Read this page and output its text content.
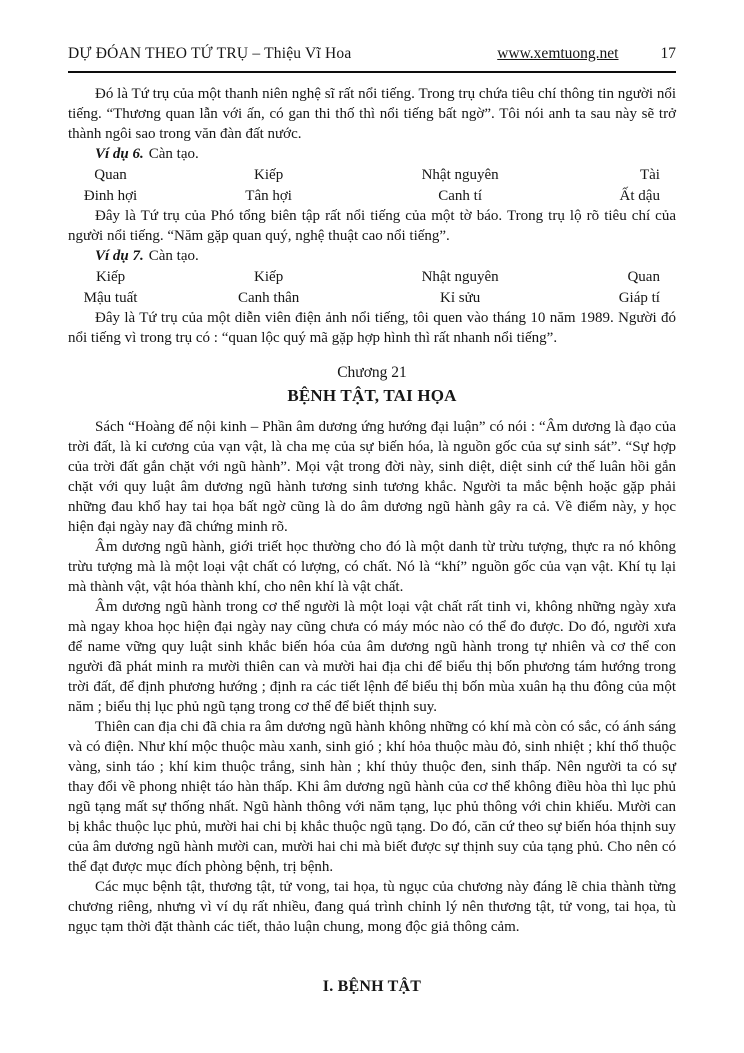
DỰ ĐÓAN THEO TỨ TRỤ – Thiệu Vĩ Hoa	www.xemtuong.net	17

Đó là Tứ trụ của một thanh niên nghệ sĩ rất nổi tiếng. Trong trụ chứa tiêu chí thông tin người nổi tiếng. “Thương quan lẫn với ấn, có gan thi thố thì nổi tiếng bất ngờ”. Tôi nói anh ta sau này sẽ trở thành ngôi sao trong văn đàn đất nước.

Ví dụ 6. Càn tạo.

Quan	Kiếp	Nhật nguyên	Tài
Đinh hợi	Tân hợi	Canh tí	Ất dậu

Đây là Tứ trụ của Phó tổng biên tập rất nổi tiếng của một tờ báo. Trong trụ lộ rõ tiêu chí của người nổi tiếng. “Năm gặp quan quý, nghệ thuật cao nổi tiếng”.

Ví dụ 7. Càn tạo.

Kiếp	Kiếp	Nhật nguyên	Quan
Mậu tuất	Canh thân	Kỉ sửu	Giáp tí

Đây là Tứ trụ của một diễn viên điện ảnh nổi tiếng, tôi quen vào tháng 10 năm 1989. Người đó nổi tiếng vì trong trụ có : “quan lộc quý mã gặp hợp hình thì rất nhanh nổi tiếng”.

Chương 21
BỆNH TẬT, TAI HỌA

Sách “Hoàng đế nội kinh – Phần âm dương ứng hướng đại luận” có nói : “Âm dương là đạo của trời đất, là kỉ cương của vạn vật, là cha mẹ của sự biến hóa, là nguồn gốc của sự sinh sát”. “Sự hợp của trời đất gắn chặt với ngũ hành”. Mọi vật trong đời này, sinh diệt, diệt sinh cứ thế luân hồi gắn chặt với quy luật âm dương ngũ hành tương sinh tương khắc. Người ta mắc bệnh hoặc gặp phải những đau khổ hay tai họa bất ngờ cũng là do âm dương ngũ hành gây ra cả. Về điểm này, y học hiện đại ngày nay đã chứng minh rõ.

Âm dương ngũ hành, giới triết học thường cho đó là một danh từ trừu tượng, thực ra nó không trừu tượng mà là một loại vật chất có lượng, có chất. Nó là “khí” nguồn gốc của vạn vật. Khí tụ lại mà thành vật, vật hóa thành khí, cho nên khí là vật chất.

Âm dương ngũ hành trong cơ thể người là một loại vật chất rất tinh vi, không những ngày xưa mà ngay khoa học hiện đại ngày nay cũng chưa có máy móc nào có thể đo được. Do đó, người xưa để name vững quy luật sinh khắc biến hóa của âm dương ngũ hành trong tự nhiên và cơ thể con người đã phát minh ra mười thiên can và mười hai địa chi để biểu thị bốn phương tám hướng trong trời đất, để định phương hướng ; định ra các tiết lệnh để biểu thị bốn mùa xuân hạ thu đông của một năm ; biểu thị lục phủ ngũ tạng trong cơ thể để biết thịnh suy.

Thiên can địa chi đã chia ra âm dương ngũ hành không những có khí mà còn có sắc, có ánh sáng và có điện. Như khí mộc thuộc màu xanh, sinh gió ; khí hỏa thuộc màu đỏ, sinh nhiệt ; khí thổ thuộc vàng, sinh táo ; khí kim thuộc trắng, sinh hàn ; khí thủy thuộc đen, sinh thấp. Nên người ta có sự thay đổi về phong nhiệt táo hàn thấp. Khi âm dương ngũ hành của cơ thể không điều hòa thì lục phủ ngũ tạng mất sự thống nhất. Ngũ hành thông với năm tạng, lục phủ thông với chin khiếu. Mười can bị khắc thuộc lục phủ, mười hai chi bị khắc thuộc ngũ tạng. Do đó, căn cứ theo sự biến hóa thịnh suy của âm dương ngũ hành mười can, mười hai chi mà biết được sự thịnh suy của tạng phủ. Cho nên có thể đạt được mục đích phòng bệnh, trị bệnh.

Các mục bệnh tật, thương tật, tử vong, tai họa, tù ngục của chương này đáng lẽ chia thành từng chương riêng, nhưng vì ví dụ rất nhiều, đang quá trình chỉnh lý nên thương tật, tử vong, tai họa, tù ngục tạm thời đặt thành các tiết, thảo luận chung, mong độc giả thông cảm.

I. BỆNH TẬT
